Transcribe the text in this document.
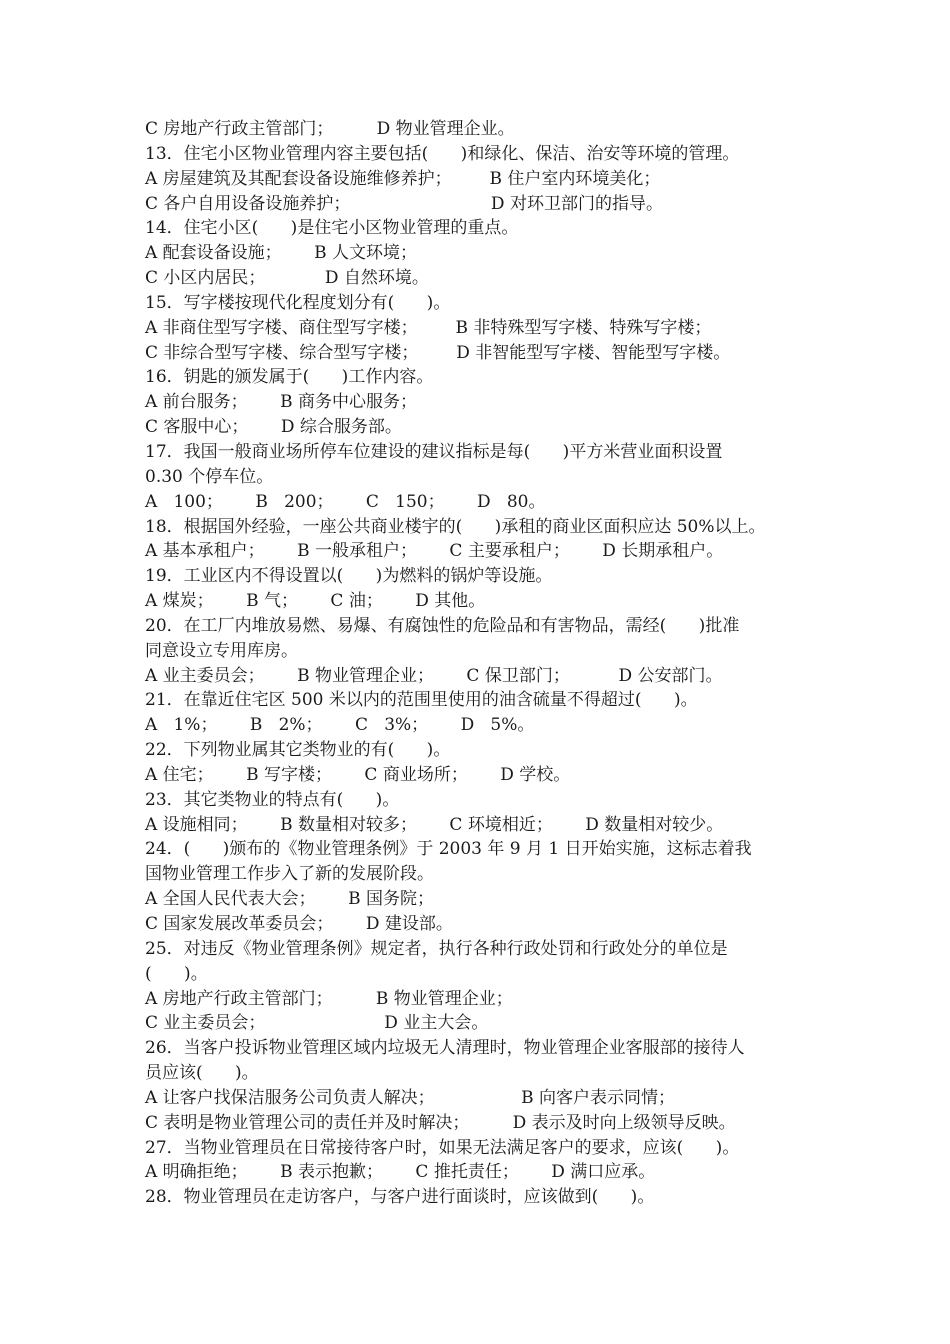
C 房地产行政主管部门；        D 物业管理企业。
13．住宅小区物业管理内容主要包括(      )和绿化、保洁、治安等环境的管理。
A 房屋建筑及其配套设备设施维修养护；       B 住户室内环境美化；
C 各户自用设备设施养护；                          D 对环卫部门的指导。
14．住宅小区(      )是住宅小区物业管理的重点。
A 配套设备设施；      B 人文环境；
C 小区内居民；           D 自然环境。
15．写字楼按现代化程度划分有(      )。
A 非商住型写字楼、商住型写字楼；       B 非特殊型写字楼、特殊写字楼；
C 非综合型写字楼、综合型写字楼；       D 非智能型写字楼、智能型写字楼。
16．钥匙的颁发属于(      )工作内容。
A 前台服务；      B 商务中心服务；
C 客服中心；      D 综合服务部。
17．我国一般商业场所停车位建设的建议指标是每(      )平方米营业面积设置
0.30 个停车位。
A   100；      B   200；      C   150；      D   80。
18．根据国外经验，一座公共商业楼宇的(      )承租的商业区面积应达 50%以上。
A 基本承租户；      B 一般承租户；      C 主要承租户；      D 长期承租户。
19．工业区内不得设置以(      )为燃料的锅炉等设施。
A 煤炭；      B 气；      C 油；      D 其他。
20．在工厂内堆放易燃、易爆、有腐蚀性的危险品和有害物品，需经(      )批准
同意设立专用库房。
A 业主委员会；      B 物业管理企业；      C 保卫部门；         D 公安部门。
21．在靠近住宅区 500 米以内的范围里使用的油含硫量不得超过(      )。
A   1%；      B   2%；      C   3%；      D   5%。
22．下列物业属其它类物业的有(      )。
A 住宅；      B 写字楼；      C 商业场所；      D 学校。
23．其它类物业的特点有(      )。
A 设施相同；      B 数量相对较多；      C 环境相近；      D 数量相对较少。
24．(      )颁布的《物业管理条例》于 2003 年 9 月 1 日开始实施，这标志着我
国物业管理工作步入了新的发展阶段。
A 全国人民代表大会；      B 国务院；
C 国家发展改革委员会；      D 建设部。
25．对违反《物业管理条例》规定者，执行各种行政处罚和行政处分的单位是
(      )。
A 房地产行政主管部门；        B 物业管理企业；
C 业主委员会；                      D 业主大会。
26．当客户投诉物业管理区域内垃圾无人清理时，物业管理企业客服部的接待人
员应该(      )。
A 让客户找保洁服务公司负责人解决；                B 向客户表示同情；
C 表明是物业管理公司的责任并及时解决；        D 表示及时向上级领导反映。
27．当物业管理员在日常接待客户时，如果无法满足客户的要求，应该(      )。
A 明确拒绝；      B 表示抱歉；      C 推托责任；      D 满口应承。
28．物业管理员在走访客户，与客户进行面谈时，应该做到(      )。
